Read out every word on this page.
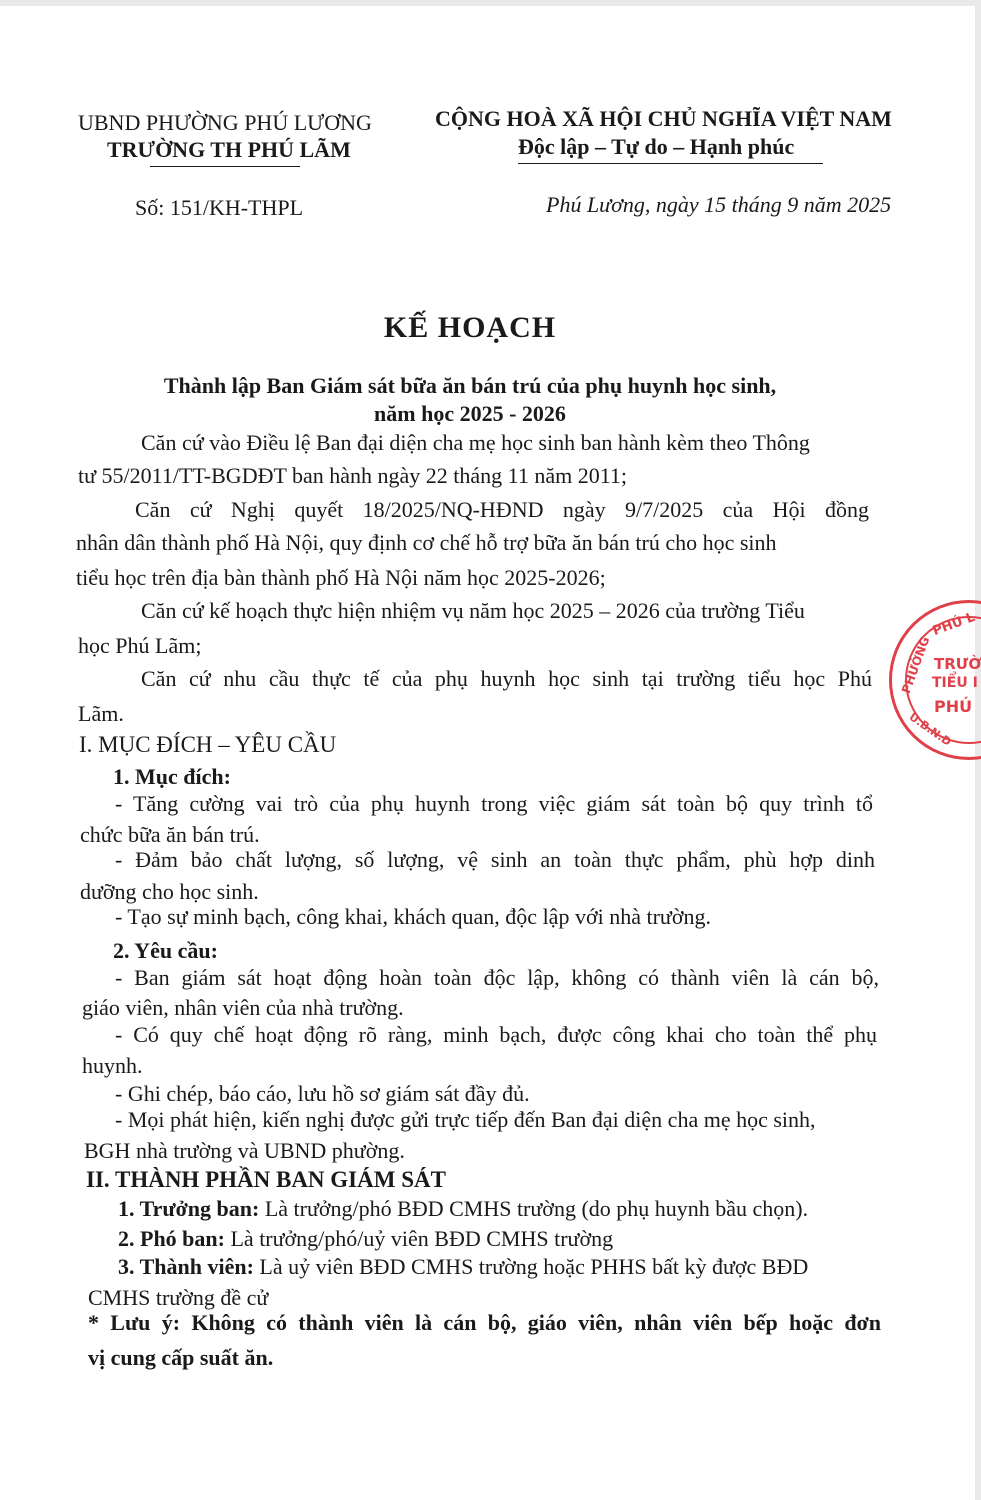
UBND PHƯỜNG PHÚ LƯƠNG
TRƯỜNG TH PHÚ LÃM
CỘNG HOÀ XÃ HỘI CHỦ NGHĨA VIỆT NAM
Độc lập – Tự do – Hạnh phúc
Số: 151/KH-THPL	Phú Lương, ngày 15 tháng 9 năm 2025
KẾ HOẠCH
Thành lập Ban Giám sát bữa ăn bán trú của phụ huynh học sinh,
năm học 2025 - 2026
Căn cứ vào Điều lệ Ban đại diện cha mẹ học sinh ban hành kèm theo Thông
tư 55/2011/TT-BGDĐT ban hành ngày 22 tháng 11 năm 2011;
Căn cứ Nghị quyết 18/2025/NQ-HĐND ngày 9/7/2025 của Hội đồng
nhân dân thành phố Hà Nội, quy định cơ chế hỗ trợ bữa ăn bán trú cho học sinh
tiểu học trên địa bàn thành phố Hà Nội năm học 2025-2026;
Căn cứ kế hoạch thực hiện nhiệm vụ năm học 2025 – 2026 của trường Tiểu
học Phú Lãm;
Căn cứ nhu cầu thực tế của phụ huynh học sinh tại trường tiểu học Phú
Lãm.
I. MỤC ĐÍCH – YÊU CẦU
1. Mục đích:
- Tăng cường vai trò của phụ huynh trong việc giám sát toàn bộ quy trình tổ
chức bữa ăn bán trú.
- Đảm bảo chất lượng, số lượng, vệ sinh an toàn thực phẩm, phù hợp dinh
dưỡng cho học sinh.
- Tạo sự minh bạch, công khai, khách quan, độc lập với nhà trường.
2. Yêu cầu:
- Ban giám sát hoạt động hoàn toàn độc lập, không có thành viên là cán bộ,
giáo viên, nhân viên của nhà trường.
- Có quy chế hoạt động rõ ràng, minh bạch, được công khai cho toàn thể phụ
huynh.
- Ghi chép, báo cáo, lưu hồ sơ giám sát đầy đủ.
- Mọi phát hiện, kiến nghị được gửi trực tiếp đến Ban đại diện cha mẹ học sinh,
BGH nhà trường và UBND phường.
II. THÀNH PHẦN BAN GIÁM SÁT
1. Trưởng ban: Là trưởng/phó BĐD CMHS trường (do phụ huynh bầu chọn).
2. Phó ban: Là trưởng/phó/uỷ viên BĐD CMHS trường
3. Thành viên: Là uỷ viên BĐD CMHS trường hoặc PHHS bất kỳ được BĐD
CMHS trường đề cử
* Lưu ý: Không có thành viên là cán bộ, giáo viên, nhân viên bếp hoặc đơn
vị cung cấp suất ăn.
PHÚ L
PHƯỜNG TRƯỜ
TIỂU I
PHÚ
U.B.N.D
